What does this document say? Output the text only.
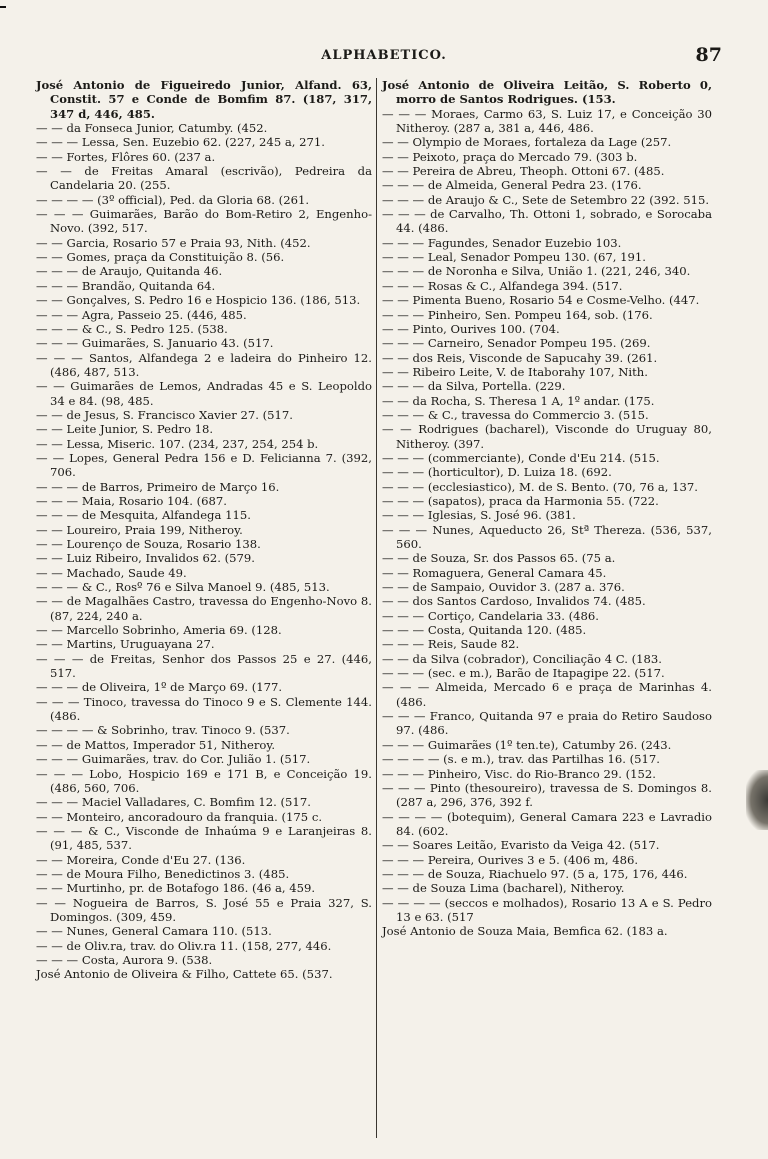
ALPHABETICO.	87

José Antonio de Figueiredo Junior, Alfand. 63, Constit. 57 e Conde de Bomfim 87. (187, 317, 347 d, 446, 485.

— — da Fonseca Junior, Catumby. (452.

— — — Lessa, Sen. Euzebio 62. (227, 245 a, 271.

— — Fortes, Flôres 60. (237 a.

— — de Freitas Amaral (escrivão), Pedreira da Candelaria 20. (255.

— — — — (3º official), Ped. da Gloria 68. (261.

— — — Guimarães, Barão do Bom-Retiro 2, Engenho-Novo. (392, 517.

— — Garcia, Rosario 57 e Praia 93, Nith. (452.

— — Gomes, praça da Constituição 8. (56.

— — — de Araujo, Quitanda 46.

— — — Brandão, Quitanda 64.

— — Gonçalves, S. Pedro 16 e Hospicio 136. (186, 513.

— — — Agra, Passeio 25. (446, 485.

— — — & C., S. Pedro 125. (538.

— — — Guimarães, S. Januario 43. (517.

— — — Santos, Alfandega 2 e ladeira do Pinheiro 12. (486, 487, 513.

— — Guimarães de Lemos, Andradas 45 e S. Leopoldo 34 e 84. (98, 485.

— — de Jesus, S. Francisco Xavier 27. (517.

— — Leite Junior, S. Pedro 18.

— — Lessa, Miseric. 107. (234, 237, 254, 254 b.

— — Lopes, General Pedra 156 e D. Felicianna 7. (392, 706.

— — — de Barros, Primeiro de Março 16.

— — — Maia, Rosario 104. (687.

— — — de Mesquita, Alfandega 115.

— — Loureiro, Praia 199, Nitheroy.

— — Lourenço de Souza, Rosario 138.

— — Luiz Ribeiro, Invalidos 62. (579.

— — Machado, Saude 49.

— — — & C., Rosº 76 e Silva Manoel 9. (485, 513.

— — de Magalhães Castro, travessa do Engenho-Novo 8. (87, 224, 240 a.

— — Marcello Sobrinho, Ameria 69. (128.

— — Martins, Uruguayana 27.

— — — de Freitas, Senhor dos Passos 25 e 27. (446, 517.

— — — de Oliveira, 1º de Março 69. (177.

— — — Tinoco, travessa do Tinoco 9 e S. Clemente 144. (486.

— — — — & Sobrinho, trav. Tinoco 9. (537.

— — de Mattos, Imperador 51, Nitheroy.

— — — Guimarães, trav. do Cor. Julião 1. (517.

— — — Lobo, Hospicio 169 e 171 B, e Conceição 19. (486, 560, 706.

— — — Maciel Valladares, C. Bomfim 12. (517.

— — Monteiro, ancoradouro da franquia. (175 c.

— — — & C., Visconde de Inhaúma 9 e Laranjeiras 8. (91, 485, 537.

— — Moreira, Conde d'Eu 27. (136.

— — de Moura Filho, Benedictinos 3. (485.

— — Murtinho, pr. de Botafogo 186. (46 a, 459.

— — Nogueira de Barros, S. José 55 e Praia 327, S. Domingos. (309, 459.

— — Nunes, General Camara 110. (513.

— — de Oliv.ra, trav. do Oliv.ra 11. (158, 277, 446.

— — — Costa, Aurora 9. (538.

José Antonio de Oliveira & Filho, Cattete 65. (537.

José Antonio de Oliveira Leitão, S. Roberto 0, morro de Santos Rodrigues. (153.

— — — Moraes, Carmo 63, S. Luiz 17, e Conceição 30 Nitheroy. (287 a, 381 a, 446, 486.

— — Olympio de Moraes, fortaleza da Lage (257.

— — Peixoto, praça do Mercado 79. (303 b.

— — Pereira de Abreu, Theoph. Ottoni 67. (485.

— — — de Almeida, General Pedra 23. (176.

— — — de Araujo & C., Sete de Setembro 22 (392. 515.

— — — de Carvalho, Th. Ottoni 1, sobrado, e Sorocaba 44. (486.

— — — Fagundes, Senador Euzebio 103.

— — — Leal, Senador Pompeu 130. (67, 191.

— — — de Noronha e Silva, União 1. (221, 246, 340.

— — — Rosas & C., Alfandega 394. (517.

— — Pimenta Bueno, Rosario 54 e Cosme-Velho. (447.

— — — Pinheiro, Sen. Pompeu 164, sob. (176.

— — Pinto, Ourives 100. (704.

— — — Carneiro, Senador Pompeu 195. (269.

— — dos Reis, Visconde de Sapucahy 39. (261.

— — Ribeiro Leite, V. de Itaborahy 107, Nith.

— — — da Silva, Portella. (229.

— — da Rocha, S. Theresa 1 A, 1º andar. (175.

— — — & C., travessa do Commercio 3. (515.

— — Rodrigues (bacharel), Visconde do Uruguay 80, Nitheroy. (397.

— — — (commerciante), Conde d'Eu 214. (515.

— — — (horticultor), D. Luiza 18. (692.

— — — (ecclesiastico), M. de S. Bento. (70, 76 a, 137.

— — — (sapatos), praca da Harmonia 55. (722.

— — — Iglesias, S. José 96. (381.

— — — Nunes, Aqueducto 26, Stª Thereza. (536, 537, 560.

— — de Souza, Sr. dos Passos 65. (75 a.

— — Romaguera, General Camara 45.

— — de Sampaio, Ouvidor 3. (287 a. 376.

— — dos Santos Cardoso, Invalidos 74. (485.

— — — Cortiço, Candelaria 33. (486.

— — — Costa, Quitanda 120. (485.

— — — Reis, Saude 82.

— — da Silva (cobrador), Conciliação 4 C. (183.

— — — (sec. e m.), Barão de Itapagipe 22. (517.

— — — Almeida, Mercado 6 e praça de Marinhas 4. (486.

— — — Franco, Quitanda 97 e praia do Retiro Saudoso 97. (486.

— — — Guimarães (1º ten.te), Catumby 26. (243.

— — — — (s. e m.), trav. das Partilhas 16. (517.

— — — Pinheiro, Visc. do Rio-Branco 29. (152.

— — — Pinto (thesoureiro), travessa de S. Domingos 8. (287 a, 296, 376, 392 f.

— — — — (botequim), General Camara 223 e Lavradio 84. (602.

— — Soares Leitão, Evaristo da Veiga 42. (517.

— — — Pereira, Ourives 3 e 5. (406 m, 486.

— — — de Souza, Riachuelo 97. (5 a, 175, 176, 446.

— — de Souza Lima (bacharel), Nitheroy.

— — — — (seccos e molhados), Rosario 13 A e S. Pedro 13 e 63. (517

José Antonio de Souza Maia, Bemfica 62. (183 a.
